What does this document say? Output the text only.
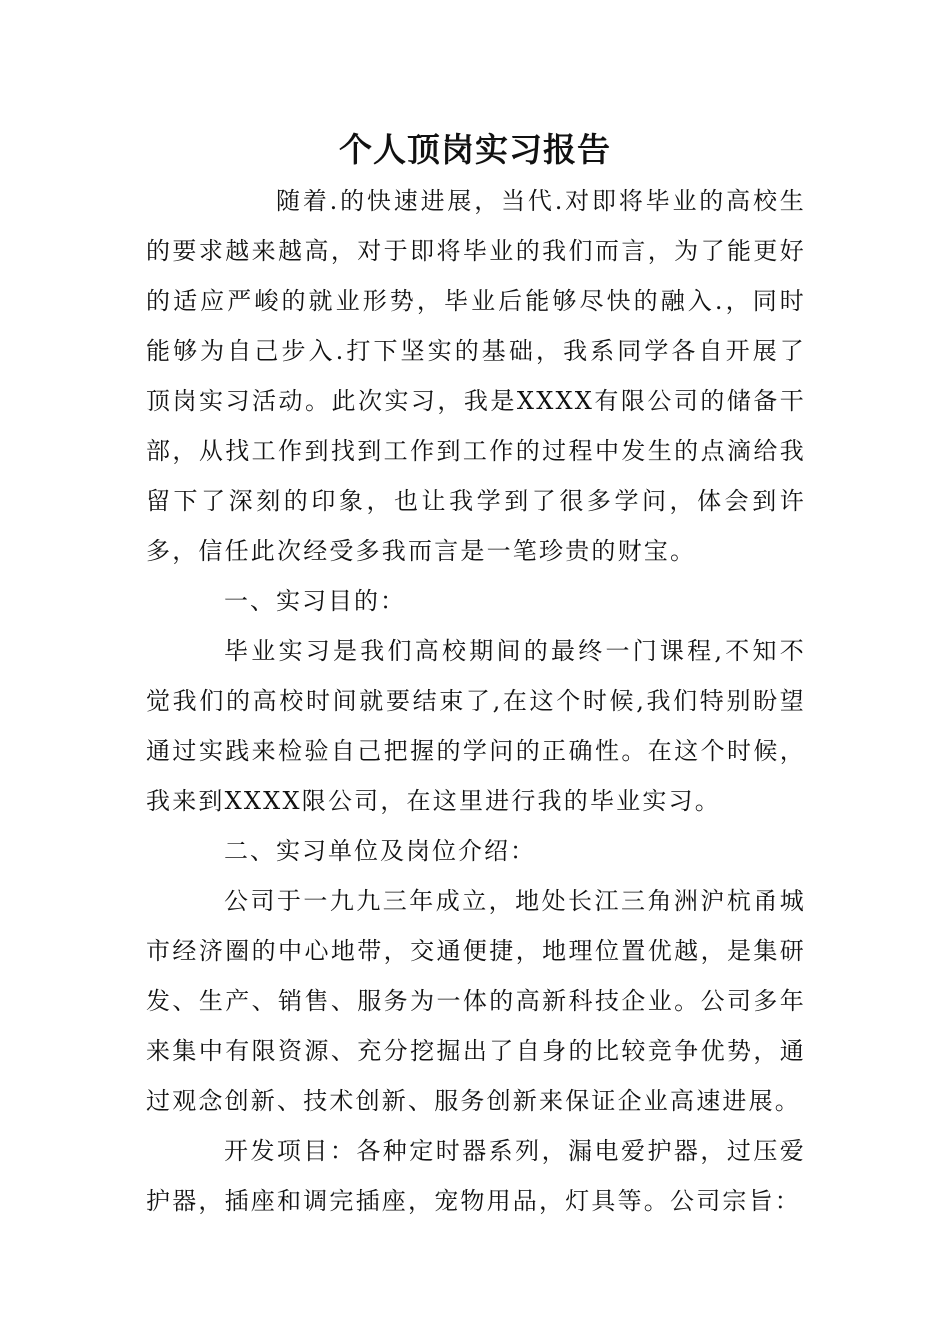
个人顶岗实习报告

随着.的快速进展，当代.对即将毕业的高校生的要求越来越高，对于即将毕业的我们而言，为了能更好的适应严峻的就业形势，毕业后能够尽快的融入.，同时能够为自己步入.打下坚实的基础，我系同学各自开展了顶岗实习活动。此次实习，我是XXXX有限公司的储备干部，从找工作到找到工作到工作的过程中发生的点滴给我留下了深刻的印象，也让我学到了很多学问，体会到许多，信任此次经受多我而言是一笔珍贵的财宝。

一、实习目的：

毕业实习是我们高校期间的最终一门课程,不知不觉我们的高校时间就要结束了,在这个时候,我们特别盼望通过实践来检验自己把握的学问的正确性。在这个时候，我来到XXXX限公司，在这里进行我的毕业实习。

二、实习单位及岗位介绍：

公司于一九九三年成立，地处长江三角洲沪杭甬城市经济圈的中心地带，交通便捷，地理位置优越，是集研发、生产、销售、服务为一体的高新科技企业。公司多年来集中有限资源、充分挖掘出了自身的比较竞争优势，通过观念创新、技术创新、服务创新来保证企业高速进展。

开发项目：各种定时器系列，漏电爱护器，过压爱护器，插座和调完插座，宠物用品，灯具等。公司宗旨：
